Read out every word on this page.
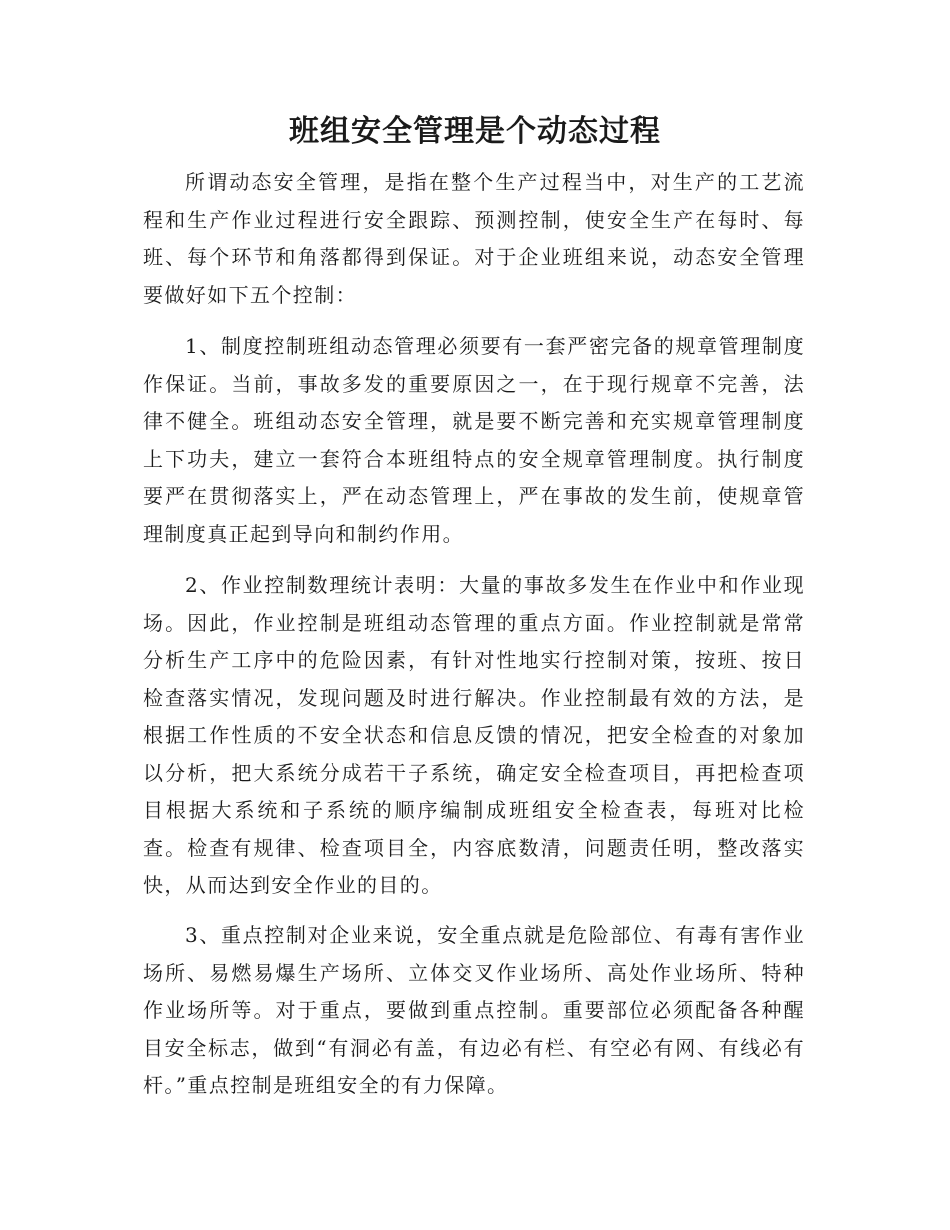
班组安全管理是个动态过程

所谓动态安全管理，是指在整个生产过程当中，对生产的工艺流程和生产作业过程进行安全跟踪、预测控制，使安全生产在每时、每班、每个环节和角落都得到保证。对于企业班组来说，动态安全管理要做好如下五个控制：

1、制度控制班组动态管理必须要有一套严密完备的规章管理制度作保证。当前，事故多发的重要原因之一，在于现行规章不完善，法律不健全。班组动态安全管理，就是要不断完善和充实规章管理制度上下功夫，建立一套符合本班组特点的安全规章管理制度。执行制度要严在贯彻落实上，严在动态管理上，严在事故的发生前，使规章管理制度真正起到导向和制约作用。

2、作业控制数理统计表明：大量的事故多发生在作业中和作业现场。因此，作业控制是班组动态管理的重点方面。作业控制就是常常分析生产工序中的危险因素，有针对性地实行控制对策，按班、按日检查落实情况，发现问题及时进行解决。作业控制最有效的方法，是根据工作性质的不安全状态和信息反馈的情况，把安全检查的对象加以分析，把大系统分成若干子系统，确定安全检查项目，再把检查项目根据大系统和子系统的顺序编制成班组安全检查表，每班对比检查。检查有规律、检查项目全，内容底数清，问题责任明，整改落实快，从而达到安全作业的目的。

3、重点控制对企业来说，安全重点就是危险部位、有毒有害作业场所、易燃易爆生产场所、立体交叉作业场所、高处作业场所、特种作业场所等。对于重点，要做到重点控制。重要部位必须配备各种醒目安全标志，做到“有洞必有盖，有边必有栏、有空必有网、有线必有杆。”重点控制是班组安全的有力保障。
